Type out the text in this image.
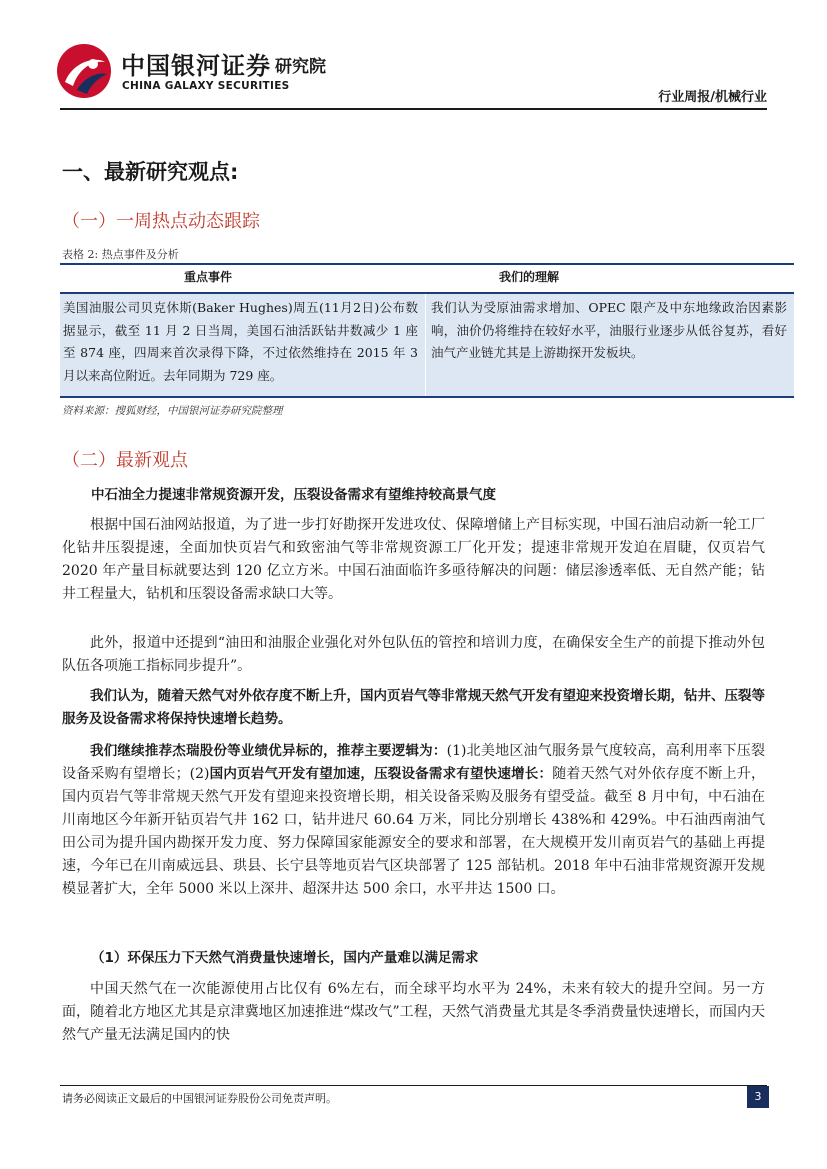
中国银河证券 研究院
CHINA GALAXY SECURITIES
行业周报/机械行业
一、最新研究观点:
（一）一周热点动态跟踪
表格 2: 热点事件及分析
重点事件	我们的理解
美国油服公司贝克休斯(Baker Hughes)周五(11月2日)公布数据显示，截至 11 月 2 日当周，美国石油活跃钻井数减少 1 座至 874 座，四周来首次录得下降，不过依然维持在 2015 年 3 月以来高位附近。去年同期为 729 座。
我们认为受原油需求增加、OPEC 限产及中东地缘政治因素影响，油价仍将维持在较好水平，油服行业逐步从低谷复苏，看好油气产业链尤其是上游勘探开发板块。
资料来源：搜狐财经，中国银河证券研究院整理
（二）最新观点
中石油全力提速非常规资源开发，压裂设备需求有望维持较高景气度
根据中国石油网站报道，为了进一步打好勘探开发进攻仗、保障增储上产目标实现，中国石油启动新一轮工厂化钻井压裂提速，全面加快页岩气和致密油气等非常规资源工厂化开发；提速非常规开发迫在眉睫，仅页岩气 2020 年产量目标就要达到 120 亿立方米。中国石油面临许多亟待解决的问题：储层渗透率低、无自然产能；钻井工程量大，钻机和压裂设备需求缺口大等。
此外，报道中还提到“油田和油服企业强化对外包队伍的管控和培训力度，在确保安全生产的前提下推动外包队伍各项施工指标同步提升”。
我们认为，随着天然气对外依存度不断上升，国内页岩气等非常规天然气开发有望迎来投资增长期，钻井、压裂等服务及设备需求将保持快速增长趋势。
我们继续推荐杰瑞股份等业绩优异标的，推荐主要逻辑为：(1)北美地区油气服务景气度较高，高利用率下压裂设备采购有望增长；(2)国内页岩气开发有望加速，压裂设备需求有望快速增长：随着天然气对外依存度不断上升，国内页岩气等非常规天然气开发有望迎来投资增长期，相关设备采购及服务有望受益。截至 8 月中旬，中石油在川南地区今年新开钻页岩气井 162 口，钻井进尺 60.64 万米，同比分别增长 438%和 429%。中石油西南油气田公司为提升国内勘探开发力度、努力保障国家能源安全的要求和部署，在大规模开发川南页岩气的基础上再提速，今年已在川南威远县、珙县、长宁县等地页岩气区块部署了 125 部钻机。2018 年中石油非常规资源开发规模显著扩大，全年 5000 米以上深井、超深井达 500 余口，水平井达 1500 口。
（1）环保压力下天然气消费量快速增长，国内产量难以满足需求
中国天然气在一次能源使用占比仅有 6%左右，而全球平均水平为 24%，未来有较大的提升空间。另一方面，随着北方地区尤其是京津冀地区加速推进“煤改气”工程，天然气消费量尤其是冬季消费量快速增长，而国内天然气产量无法满足国内的快
请务必阅读正文最后的中国银河证券股份公司免责声明。	3
